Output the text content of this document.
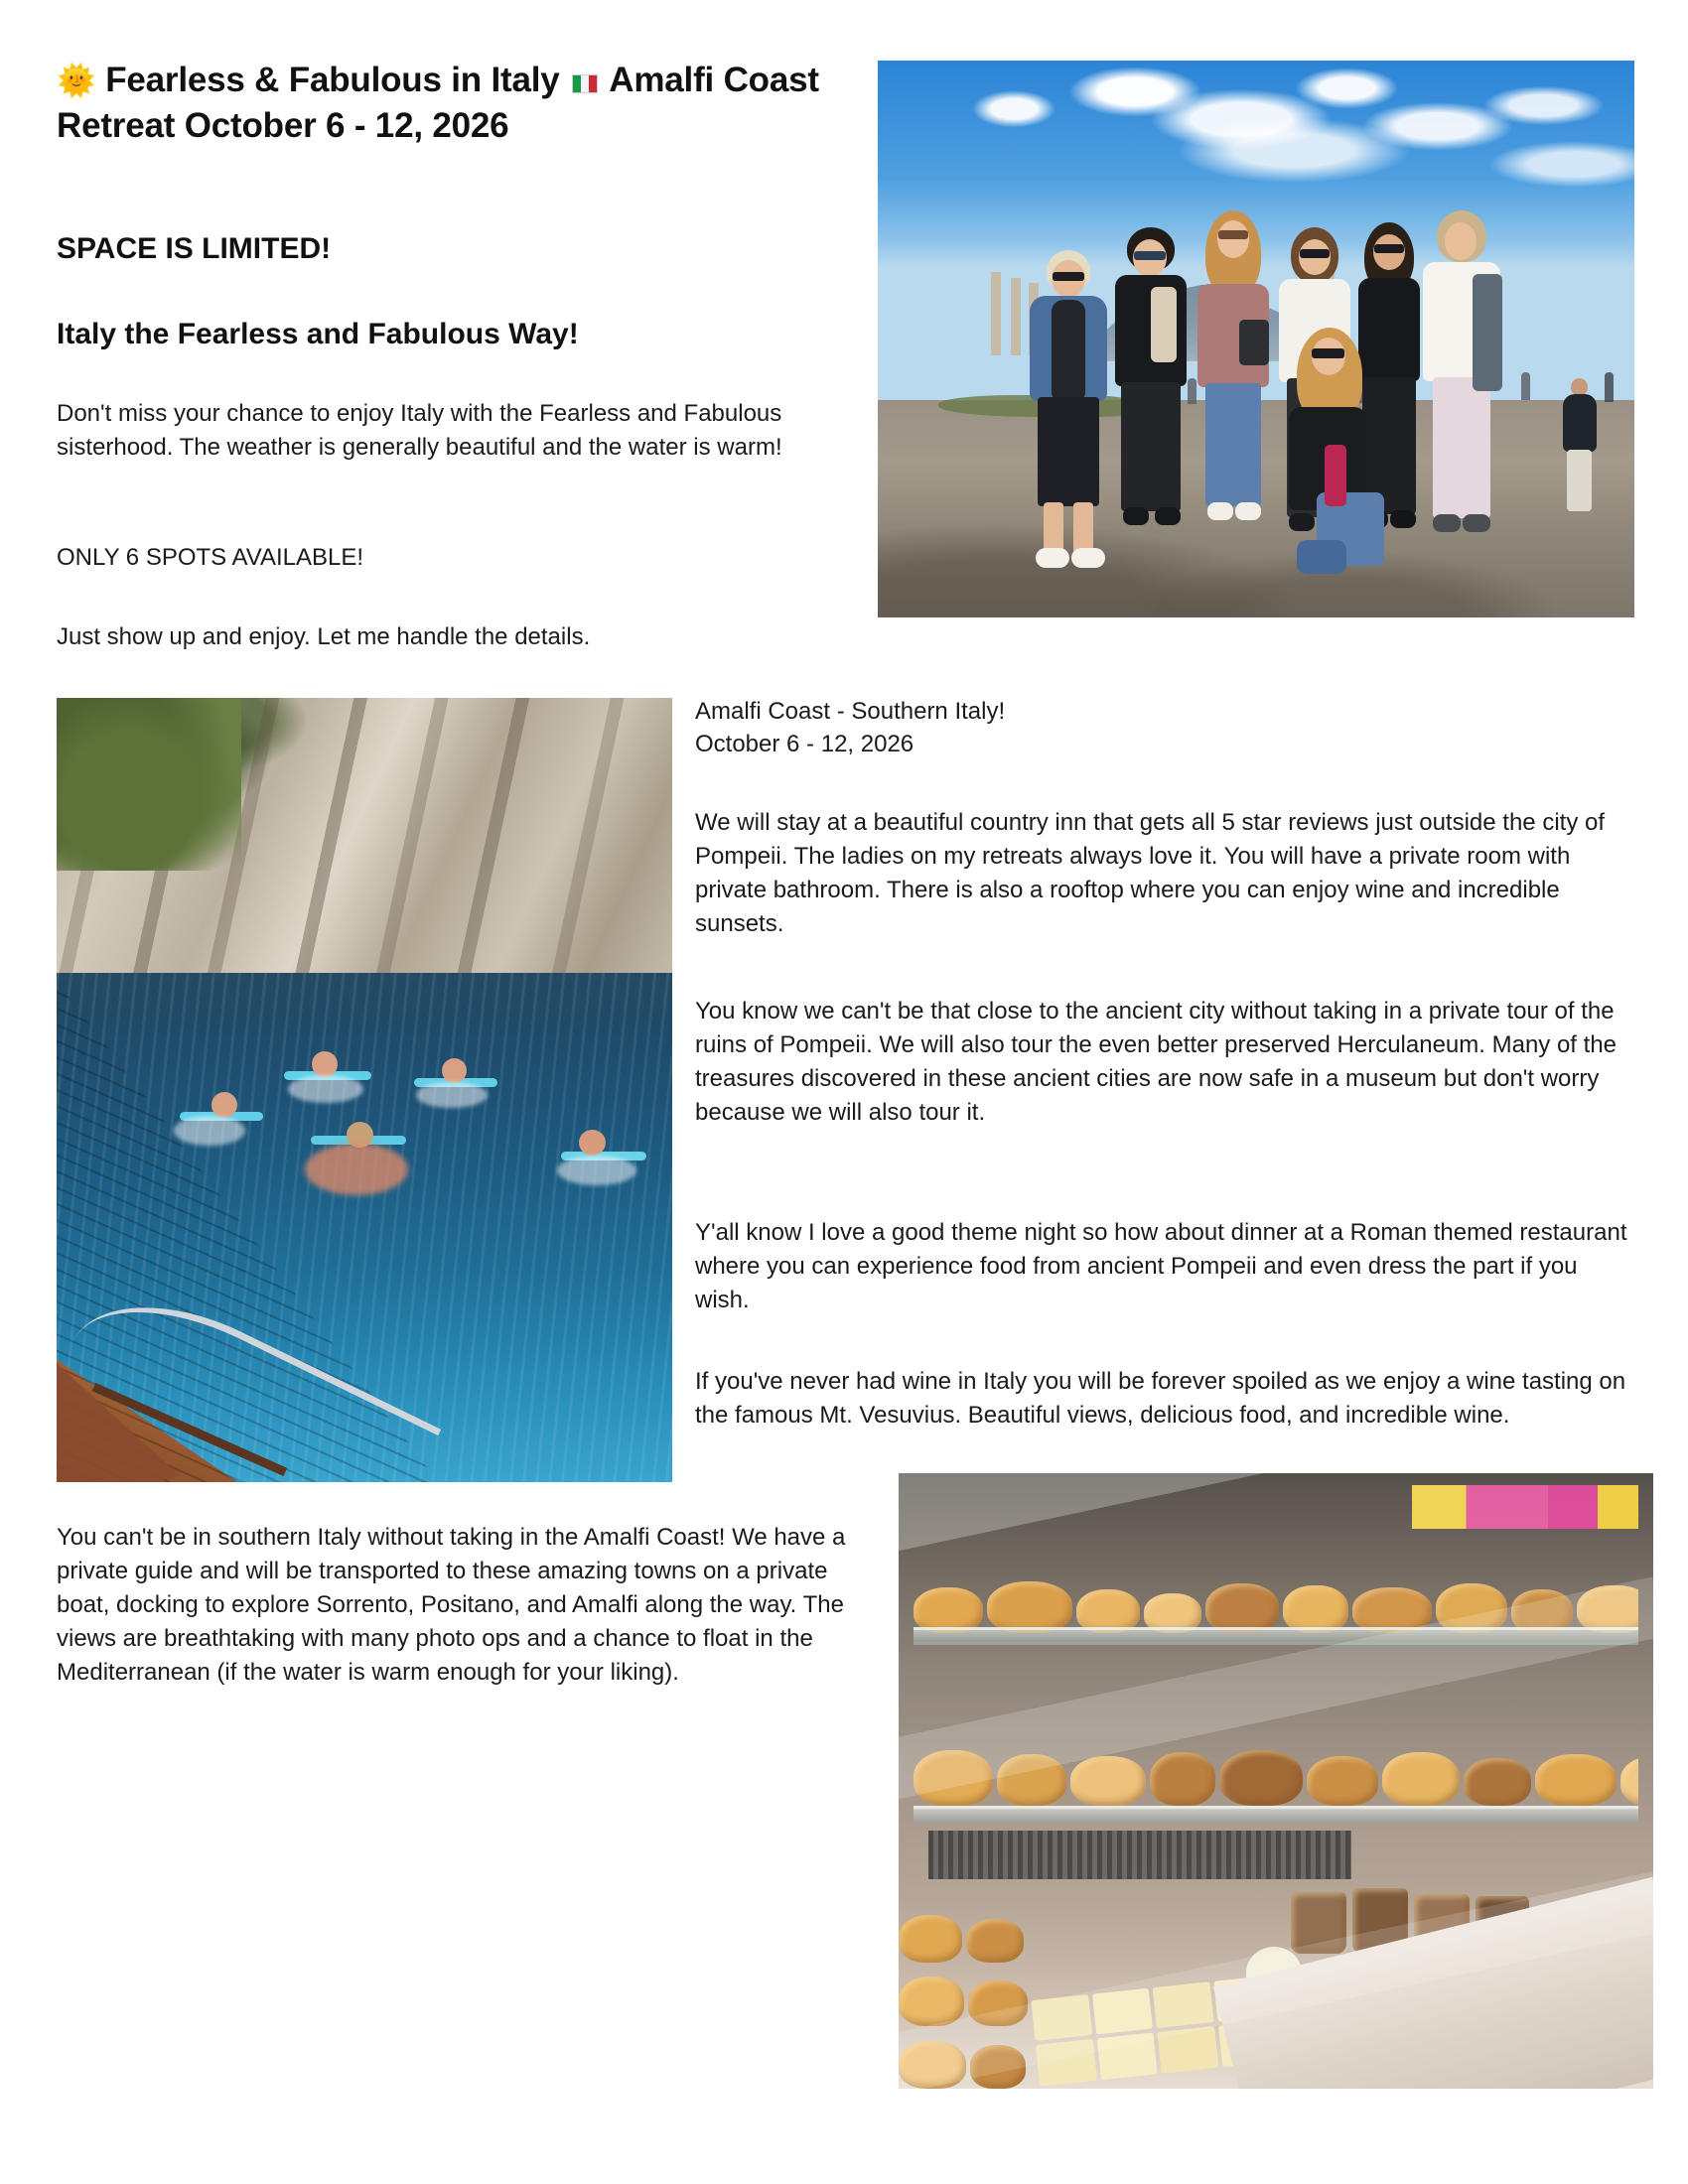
🌞 Fearless & Fabulous in Italy Amalfi Coast Retreat October 6 - 12, 2026
SPACE IS LIMITED!
Italy the Fearless and Fabulous Way!

Don't miss your chance to enjoy Italy with the Fearless and Fabulous sisterhood. The weather is generally beautiful and the water is warm!

ONLY 6 SPOTS AVAILABLE!

Just show up and enjoy. Let me handle the details.

Amalfi Coast - Southern Italy!

October 6 - 12, 2026

We will stay at a beautiful country inn that gets all 5 star reviews just outside the city of Pompeii. The ladies on my retreats always love it. You will have a private room with private bathroom. There is also a rooftop where you can enjoy wine and incredible sunsets.

You know we can't be that close to the ancient city without taking in a private tour of the ruins of Pompeii. We will also tour the even better preserved Herculaneum. Many of the treasures discovered in these ancient cities are now safe in a museum but don't worry because we will also tour it.

Y'all know I love a good theme night so how about dinner at a Roman themed restaurant where you can experience food from ancient Pompeii and even dress the part if you wish.

If you've never had wine in Italy you will be forever spoiled as we enjoy a wine tasting on the famous Mt. Vesuvius. Beautiful views, delicious food, and incredible wine.

You can't be in southern Italy without taking in the Amalfi Coast! We have a private guide and will be transported to these amazing towns on a private boat, docking to explore Sorrento, Positano, and Amalfi along the way. The views are breathtaking with many photo ops and a chance to float in the Mediterranean (if the water is warm enough for your liking).
